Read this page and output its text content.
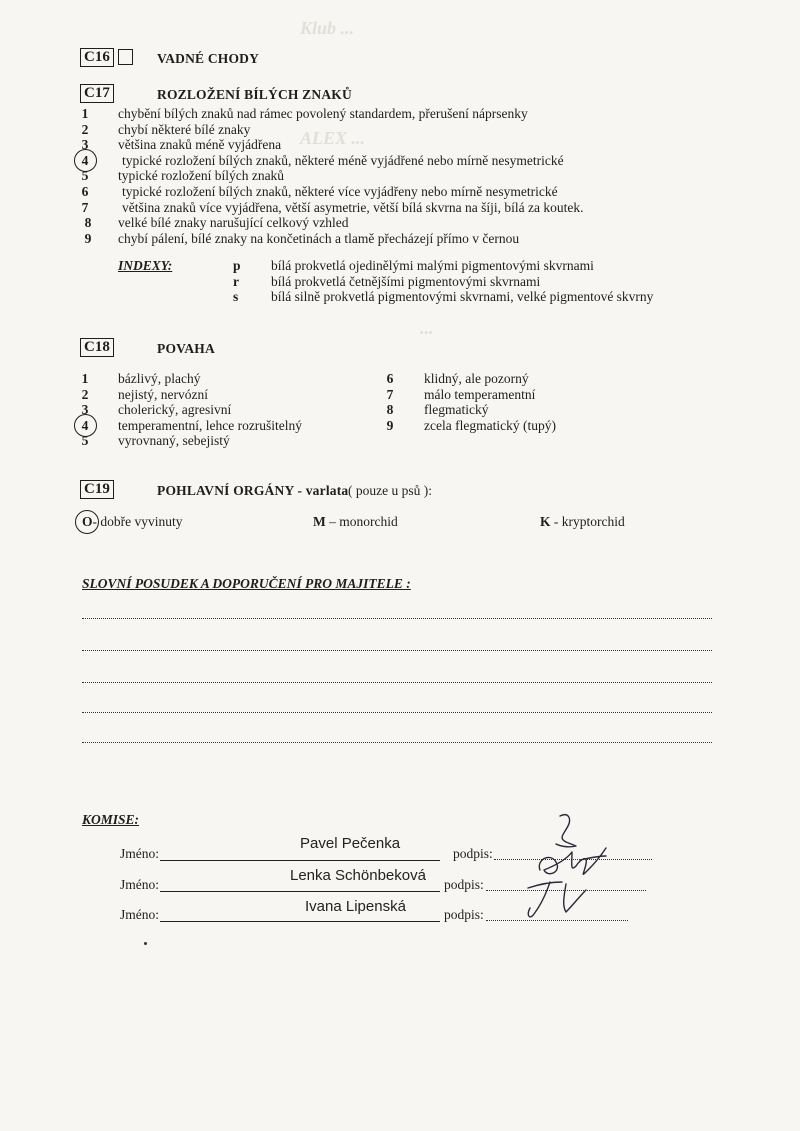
Klub ...
ALEX ...
...
C16	VADNÉ CHODY
C17	ROZLOŽENÍ BÍLÝCH ZNAKŮ
1 chybění bílých znaků nad rámec povolený standardem, přerušení náprsenky
2 chybí některé bílé znaky
3 většina znaků méně vyjádřena
4 typické rozložení bílých znaků, některé méně vyjádřené nebo mírně nesymetrické
5 typické rozložení bílých znaků
6 typické rozložení bílých znaků, některé více vyjádřeny nebo mírně nesymetrické
7 většina znaků více vyjádřena, větší asymetrie, větší bílá skvrna na šíji, bílá za koutek.
8 velké bílé znaky narušující celkový vzhled
9 chybí pálení, bílé znaky na končetinách a tlamě přecházejí přímo v černou
INDEXY:	p bílá prokvetlá ojedinělými malými pigmentovými skvrnami
r bílá prokvetlá četnějšími pigmentovými skvrnami
s bílá silně prokvetlá pigmentovými skvrnami, velké pigmentové skvrny
C18	POVAHA
1 bázlivý, plachý
2 nejistý, nervózní
3 cholerický, agresivní
4 temperamentní, lehce rozrušitelný
5 vyrovnaný, sebejistý
6 klidný, ale pozorný
7 málo temperamentní
8 flegmatický
9 zcela flegmatický (tupý)
C19	POHLAVNÍ ORGÁNY - varlata ( pouze u psů ):
O- dobře vyvinuty	M – monorchid	K - kryptorchid
SLOVNÍ POSUDEK A DOPORUČENÍ PRO MAJITELE :
KOMISE:
Jméno:
Pavel Pečenka
podpis:
Jméno:
Lenka Schönbeková
podpis:
Jméno:	Ivana Lipenská	podpis:
